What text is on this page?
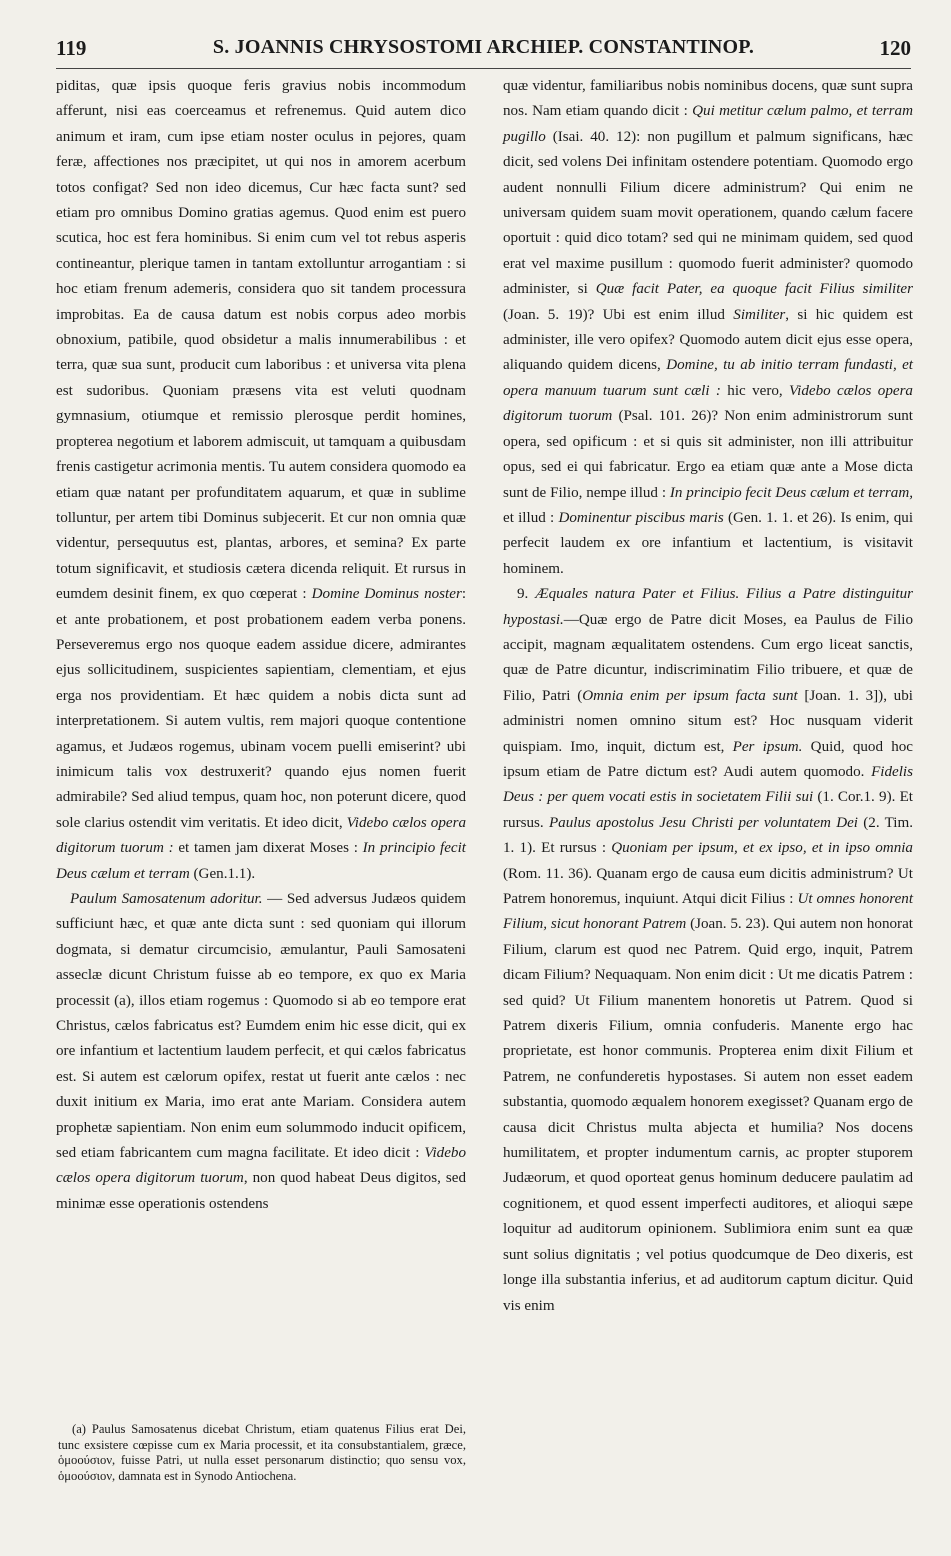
119	S. JOANNIS CHRYSOSTOMI ARCHIEP. CONSTANTINOP.	120

piditas, quæ ipsis quoque feris gravius nobis incommodum afferunt, nisi eas coerceamus et refrenemus. Quid autem dico animum et iram, cum ipse etiam noster oculus in pejores, quam feræ, affectiones nos præcipitet, ut qui nos in amorem acerbum totos configat? Sed non ideo dicemus, Cur hæc facta sunt? sed etiam pro omnibus Domino gratias agemus. Quod enim est puero scutica, hoc est fera hominibus. Si enim cum vel tot rebus asperis contineantur, plerique tamen in tantam extolluntur arrogantiam : si hoc etiam frenum ademeris, considera quo sit tandem processura improbitas. Ea de causa datum est nobis corpus adeo morbis obnoxium, patibile, quod obsidetur a malis innumerabilibus : et terra, quæ sua sunt, producit cum laboribus : et universa vita plena est sudoribus. Quoniam præsens vita est veluti quodnam gymnasium, otiumque et remissio plerosque perdit homines, propterea negotium et laborem admiscuit, ut tamquam a quibusdam frenis castigetur acrimonia mentis. Tu autem considera quomodo ea etiam quæ natant per profunditatem aquarum, et quæ in sublime tolluntur, per artem tibi Dominus subjecerit. Et cur non omnia quæ videntur, persequutus est, plantas, arbores, et semina? Ex parte totum significavit, et studiosis cætera dicenda reliquit. Et rursus in eumdem desinit finem, ex quo cœperat : Domine Dominus noster: et ante probationem, et post probationem eadem verba ponens. Perseveremus ergo nos quoque eadem assidue dicere, admirantes ejus sollicitudinem, suspicientes sapientiam, clementiam, et ejus erga nos providentiam. Et hæc quidem a nobis dicta sunt ad interpretationem. Si autem vultis, rem majori quoque contentione agamus, et Judæos rogemus, ubinam vocem puelli emiserint? ubi inimicum talis vox destruxerit? quando ejus nomen fuerit admirabile? Sed aliud tempus, quam hoc, non poterunt dicere, quod sole clarius ostendit vim veritatis. Et ideo dicit, Videbo cælos opera digitorum tuorum : et tamen jam dixerat Moses : In principio fecit Deus cælum et terram (Gen.1.1).

Paulum Samosatenum adoritur. — Sed adversus Judæos quidem sufficiunt hæc, et quæ ante dicta sunt : sed quoniam qui illorum dogmata, si dematur circumcisio, æmulantur, Pauli Samosateni asseclæ dicunt Christum fuisse ab eo tempore, ex quo ex Maria processit (a), illos etiam rogemus : Quomodo si ab eo tempore erat Christus, cælos fabricatus est? Eumdem enim hic esse dicit, qui ex ore infantium et lactentium laudem perfecit, et qui cælos fabricatus est. Si autem est cælorum opifex, restat ut fuerit ante cælos : nec duxit initium ex Maria, imo erat ante Mariam. Considera autem prophetæ sapientiam. Non enim eum solummodo inducit opificem, sed etiam fabricantem cum magna facilitate. Et ideo dicit : Videbo cælos opera digitorum tuorum, non quod habeat Deus digitos, sed minimæ esse operationis ostendens

(a) Paulus Samosatenus dicebat Christum, etiam quatenus Filius erat Dei, tunc exsistere cœpisse cum ex Maria processit, et ita consubstantialem, græce, ὁμοούσιον, fuisse Patri, ut nulla esset personarum distinctio; quo sensu vox, ὁμοούσιον, damnata est in Synodo Antiochena.

quæ videntur, familiaribus nobis nominibus docens, quæ sunt supra nos. Nam etiam quando dicit : Qui metitur cælum palmo, et terram pugillo (Isai. 40. 12): non pugillum et palmum significans, hæc dicit, sed volens Dei infinitam ostendere potentiam. Quomodo ergo audent nonnulli Filium dicere administrum? Qui enim ne universam quidem suam movit operationem, quando cælum facere oportuit : quid dico totam? sed qui ne minimam quidem, sed quod erat vel maxime pusillum : quomodo fuerit administer? quomodo administer, si Quæ facit Pater, ea quoque facit Filius similiter (Joan. 5. 19)? Ubi est enim illud Similiter, si hic quidem est administer, ille vero opifex? Quomodo autem dicit ejus esse opera, aliquando quidem dicens, Domine, tu ab initio terram fundasti, et opera manuum tuarum sunt cæli : hic vero, Videbo cælos opera digitorum tuorum (Psal. 101. 26)? Non enim administrorum sunt opera, sed opificum : et si quis sit administer, non illi attribuitur opus, sed ei qui fabricatur. Ergo ea etiam quæ ante a Mose dicta sunt de Filio, nempe illud : In principio fecit Deus cælum et terram, et illud : Dominentur piscibus maris (Gen. 1. 1. et 26). Is enim, qui perfecit laudem ex ore infantium et lactentium, is visitavit hominem.

9. Æquales natura Pater et Filius. Filius a Patre distinguitur hypostasi.—Quæ ergo de Patre dicit Moses, ea Paulus de Filio accipit, magnam æqualitatem ostendens. Cum ergo liceat sanctis, quæ de Patre dicuntur, indiscriminatim Filio tribuere, et quæ de Filio, Patri (Omnia enim per ipsum facta sunt [Joan. 1. 3]), ubi administri nomen omnino situm est? Hoc nusquam viderit quispiam. Imo, inquit, dictum est, Per ipsum. Quid, quod hoc ipsum etiam de Patre dictum est? Audi autem quomodo. Fidelis Deus : per quem vocati estis in societatem Filii sui (1. Cor.1. 9). Et rursus. Paulus apostolus Jesu Christi per voluntatem Dei (2. Tim. 1. 1). Et rursus : Quoniam per ipsum, et ex ipso, et in ipso omnia (Rom. 11. 36). Quanam ergo de causa eum dicitis administrum? Ut Patrem honoremus, inquiunt. Atqui dicit Filius : Ut omnes honorent Filium, sicut honorant Patrem (Joan. 5. 23). Qui autem non honorat Filium, clarum est quod nec Patrem. Quid ergo, inquit, Patrem dicam Filium? Nequaquam. Non enim dicit : Ut me dicatis Patrem : sed quid? Ut Filium manentem honoretis ut Patrem. Quod si Patrem dixeris Filium, omnia confuderis. Manente ergo hac proprietate, est honor communis. Propterea enim dixit Filium et Patrem, ne confunderetis hypostases. Si autem non esset eadem substantia, quomodo æqualem honorem exegisset? Quanam ergo de causa dicit Christus multa abjecta et humilia? Nos docens humilitatem, et propter indumentum carnis, ac propter stuporem Judæorum, et quod oporteat genus hominum deducere paulatim ad cognitionem, et quod essent imperfecti auditores, et alioqui sæpe loquitur ad auditorum opinionem. Sublimiora enim sunt ea quæ sunt solius dignitatis ; vel potius quodcumque de Deo dixeris, est longe illa substantia inferius, et ad auditorum captum dicitur. Quid vis enim
